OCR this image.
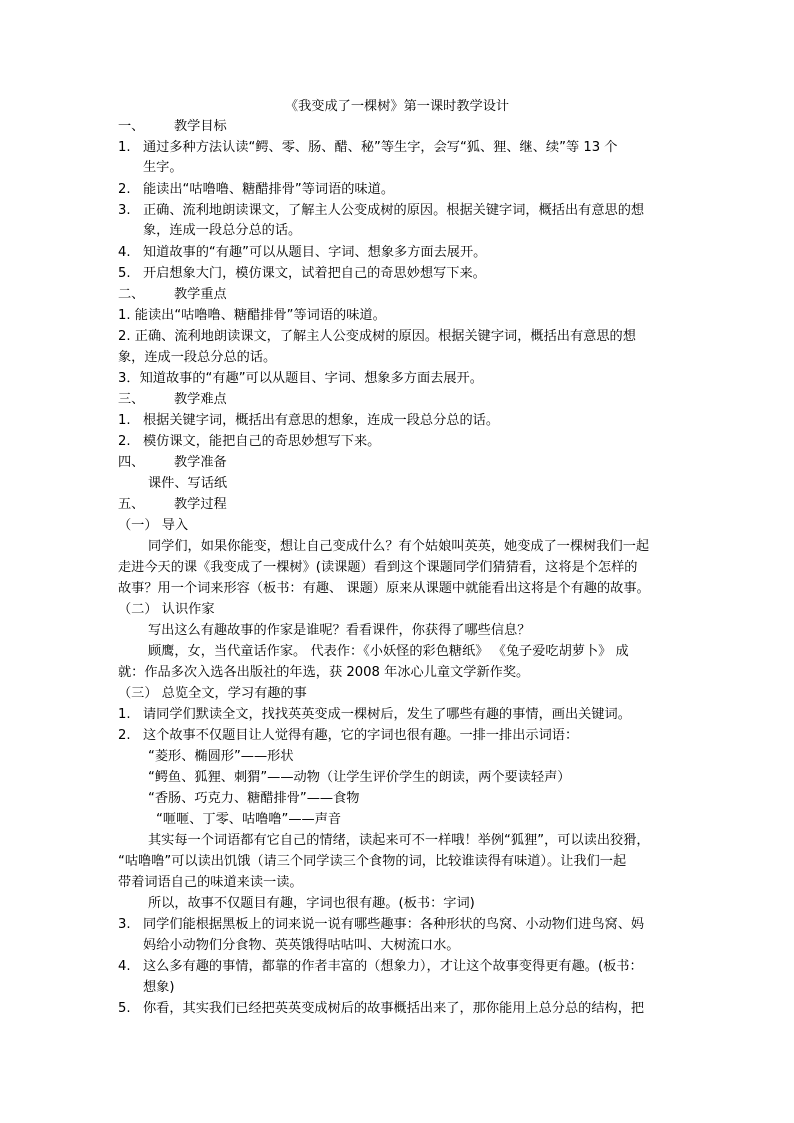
《我变成了一棵树》第一课时教学设计
一、 教学目标
1. 通过多种方法认读“鳄、零、肠、醋、秘”等生字，会写“狐、狸、继、续”等 13 个
生字。
2. 能读出“咕噜噜、糖醋排骨”等词语的味道。
3. 正确、流利地朗读课文，了解主人公变成树的原因。根据关键字词，概括出有意思的想
象，连成一段总分总的话。
4. 知道故事的“有趣”可以从题目、字词、想象多方面去展开。
5. 开启想象大门，模仿课文，试着把自己的奇思妙想写下来。
二、 教学重点
1. 能读出“咕噜噜、糖醋排骨”等词语的味道。
2. 正确、流利地朗读课文，了解主人公变成树的原因。根据关键字词，概括出有意思的想
象，连成一段总分总的话。
3．知道故事的“有趣”可以从题目、字词、想象多方面去展开。
三、 教学难点
1. 根据关键字词，概括出有意思的想象，连成一段总分总的话。
2. 模仿课文，能把自己的奇思妙想写下来。
四、 教学准备
课件、写话纸
五、 教学过程
（一） 导入
同学们，如果你能变，想让自己变成什么？有个姑娘叫英英，她变成了一棵树我们一起
走进今天的课《我变成了一棵树》(读课题）看到这个课题同学们猜猜看，这将是个怎样的
故事？用一个词来形容（板书：有趣、 课题）原来从课题中就能看出这将是个有趣的故事。
（二） 认识作家
写出这么有趣故事的作家是谁呢？看看课件，你获得了哪些信息？
顾鹰，女，当代童话作家。 代表作：《小妖怪的彩色糖纸》 《兔子爱吃胡萝卜》 成
就：作品多次入选各出版社的年选，获 2008 年冰心儿童文学新作奖。
（三） 总览全文，学习有趣的事
1. 请同学们默读全文，找找英英变成一棵树后，发生了哪些有趣的事情，画出关键词。
2. 这个故事不仅题目让人觉得有趣，它的字词也很有趣。一排一排出示词语：
“菱形、椭圆形”——形状
“鳄鱼、狐狸、刺猬”——动物（让学生评价学生的朗读，两个要读轻声）
“香肠、巧克力、糖醋排骨”——食物
“咂咂、丁零、咕噜噜”——声音
其实每一个词语都有它自己的情绪，读起来可不一样哦！举例“狐狸”，可以读出狡猾，
“咕噜噜”可以读出饥饿（请三个同学读三个食物的词，比较谁读得有味道）。让我们一起
带着词语自己的味道来读一读。
所以，故事不仅题目有趣，字词也很有趣。(板书：字词)
3. 同学们能根据黑板上的词来说一说有哪些趣事：各种形状的鸟窝、小动物们进鸟窝、妈
妈给小动物们分食物、英英饿得咕咕叫、大树流口水。
4. 这么多有趣的事情，都靠的作者丰富的（想象力），才让这个故事变得更有趣。(板书：
想象)
5. 你看，其实我们已经把英英变成树后的故事概括出来了，那你能用上总分总的结构，把
